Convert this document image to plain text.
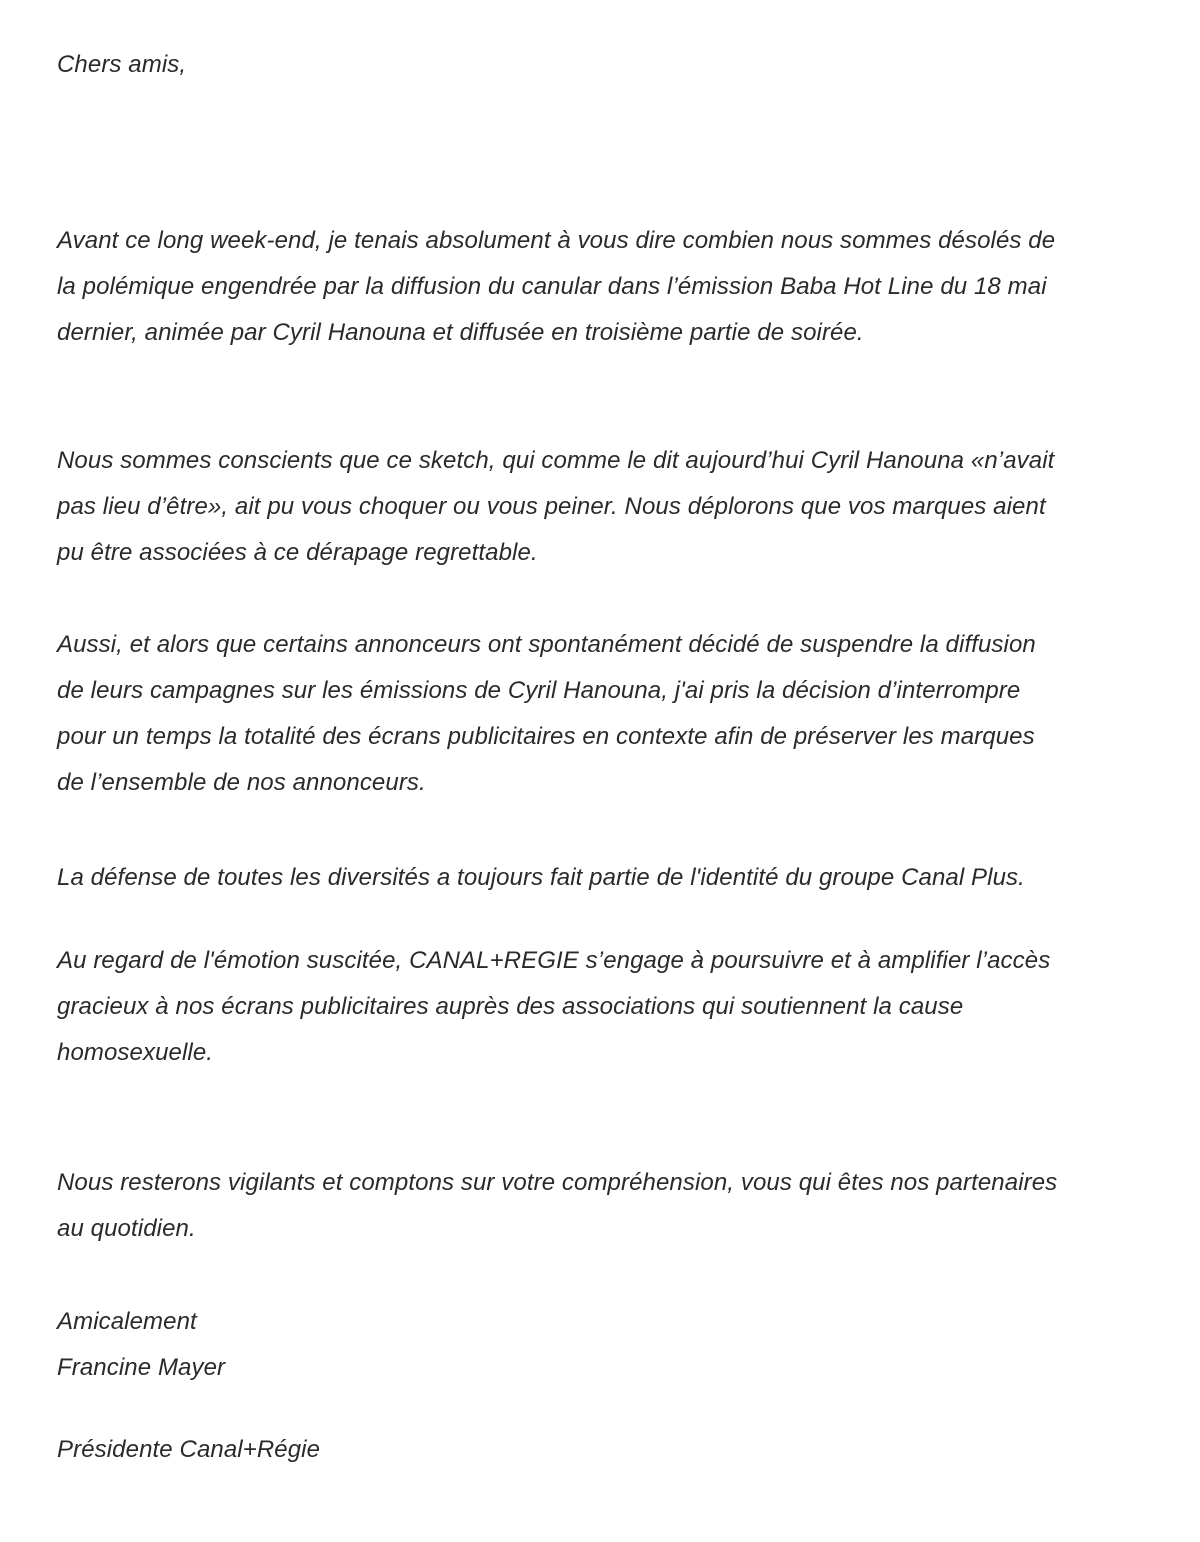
Chers amis,

Avant ce long week-end, je tenais absolument à vous dire combien nous sommes désolés de
la polémique engendrée par la diffusion du canular dans l’émission Baba Hot Line du 18 mai
dernier, animée par Cyril Hanouna et diffusée en troisième partie de soirée.

Nous sommes conscients que ce sketch, qui comme le dit aujourd’hui Cyril Hanouna «n’avait
pas lieu d’être», ait pu vous choquer ou vous peiner. Nous déplorons que vos marques aient
pu être associées à ce dérapage regrettable.

Aussi, et alors que certains annonceurs ont spontanément décidé de suspendre la diffusion
de leurs campagnes sur les émissions de Cyril Hanouna, j'ai pris la décision d’interrompre
pour un temps la totalité des écrans publicitaires en contexte afin de préserver les marques
de l’ensemble de nos annonceurs.

La défense de toutes les diversités a toujours fait partie de l'identité du groupe Canal Plus.

Au regard de l'émotion suscitée, CANAL+REGIE s’engage à poursuivre et à amplifier l’accès
gracieux à nos écrans publicitaires auprès des associations qui soutiennent la cause
homosexuelle.

Nous resterons vigilants et comptons sur votre compréhension, vous qui êtes nos partenaires
au quotidien.

Amicalement
Francine Mayer

Présidente Canal+Régie
